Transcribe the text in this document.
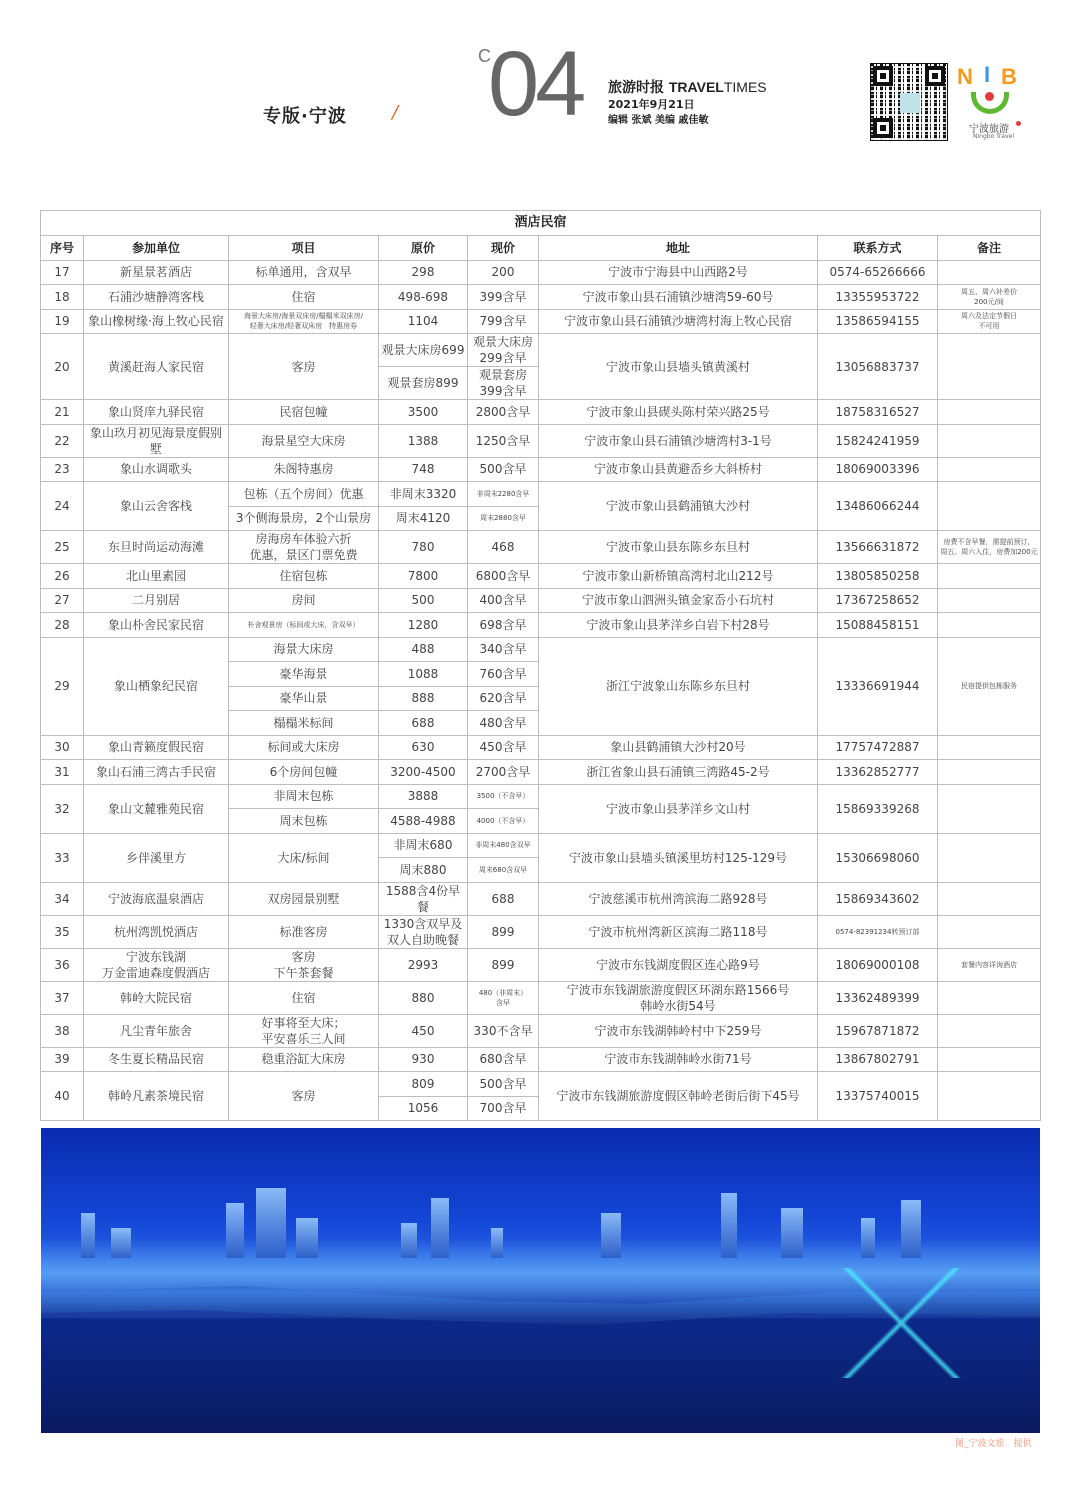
专版·宁波	/
C
04 旅游时报 TRAVELTIMES
2021年9月21日
编辑 张斌 美编 戚佳敏
N I B
宁波旅游
Ningbo Travel
酒店民宿							
序号	参加单位	项目	原价	现价	地址	联系方式	备注
17	新星景茗酒店	标单通用，含双早	298	200	宁波市宁海县中山西路2号	0574-65266666	
18	石浦沙塘静湾客栈	住宿	498-698	399含早	宁波市象山县石浦镇沙塘湾59-60号	13355953722	周五、周六补差价
200元/间
19	象山橡树缘·海上牧心民宿	海景大床房/海景双床房/榻榻米双床房/
轻奢大床房/轻奢双床房　特惠房券	1104	799含早	宁波市象山县石浦镇沙塘湾村海上牧心民宿	13586594155	周六及法定节假日
不可用
20	黄溪赶海人家民宿	客房	观景大床房699	观景大床房
299含早	宁波市象山县墙头镇黄溪村	13056883737	
			观景套房899	观景套房
399含早			
21	象山贤庠九驿民宿	民宿包幢	3500	2800含早	宁波市象山县碶头陈村荣兴路25号	18758316527	
22	象山玖月初见海景度假别墅	海景星空大床房	1388	1250含早	宁波市象山县石浦镇沙塘湾村3-1号	15824241959	
23	象山水调歌头	朱阁特惠房	748	500含早	宁波市象山县黄避岙乡大斜桥村	18069003396	
24	象山云舍客栈	包栋（五个房间）优惠	非周末3320	非周末2280含早	宁波市象山县鹤浦镇大沙村	13486066244	
		3个侧海景房，2个山景房	周末4120	周末2880含早			
25	东旦时尚运动海滩	房海房车体验六折
优惠，景区门票免费	780	468	宁波市象山县东陈乡东旦村	13566631872	房费不含早餐，需提前预订，
周五、周六入住，房费加200元
26	北山里素园	住宿包栋	7800	6800含早	宁波市象山新桥镇高湾村北山212号	13805850258	
27	二月别居	房间	500	400含早	宁波市象山泗洲头镇金家岙小石坑村	17367258652	
28	象山朴舍民家民宿	朴舍观景房（标间或大床，含双早）	1280	698含早	宁波市象山县茅洋乡白岩下村28号	15088458151	
29	象山栖象纪民宿	海景大床房	488	340含早	浙江宁波象山东陈乡东旦村	13336691944	民宿提供包栋服务
		豪华海景	1088	760含早			
		豪华山景	888	620含早			
		榻榻米标间	688	480含早			
30	象山青籁度假民宿	标间或大床房	630	450含早	象山县鹤浦镇大沙村20号	17757472887	
31	象山石浦三湾古手民宿	6个房间包幢	3200-4500	2700含早	浙江省象山县石浦镇三湾路45-2号	13362852777	
32	象山文麓雅苑民宿	非周末包栋	3888	3500（不含早）	宁波市象山县茅洋乡文山村	15869339268	
		周末包栋	4588-4988	4000（不含早）			
33	乡伴溪里方	大床/标间	非周末680	非周末480含双早	宁波市象山县墙头镇溪里坊村125-129号	15306698060	
			周末880	周末680含双早			
34	宁波海底温泉酒店	双房园景别墅	1588含4份早餐	688	宁波慈溪市杭州湾滨海二路928号	15869343602	
35	杭州湾凯悦酒店	标准客房	1330含双早及
双人自助晚餐	899	宁波市杭州湾新区滨海二路118号	0574-82391234转预订部	
36	宁波东钱湖
万金雷迪森度假酒店	客房
下午茶套餐	2993	899	宁波市东钱湖度假区连心路9号	18069000108	套餐内容详询酒店
37	韩岭大院民宿	住宿	880	480（非周末）
含早	宁波市东钱湖旅游度假区环湖东路1566号
韩岭水街54号	13362489399	
38	凡尘青年旅舍	好事将至大床；
平安喜乐三人间	450	330不含早	宁波市东钱湖韩岭村中下259号	15967871872	
39	冬生夏长精品民宿	稳重浴缸大床房	930	680含早	宁波市东钱湖韩岭水街71号	13867802791	
40	韩岭凡素茶境民宿	客房	809	500含早	宁波市东钱湖旅游度假区韩岭老街后街下45号	13375740015	
			1056	700含早			
图_宁波文旅　提供
